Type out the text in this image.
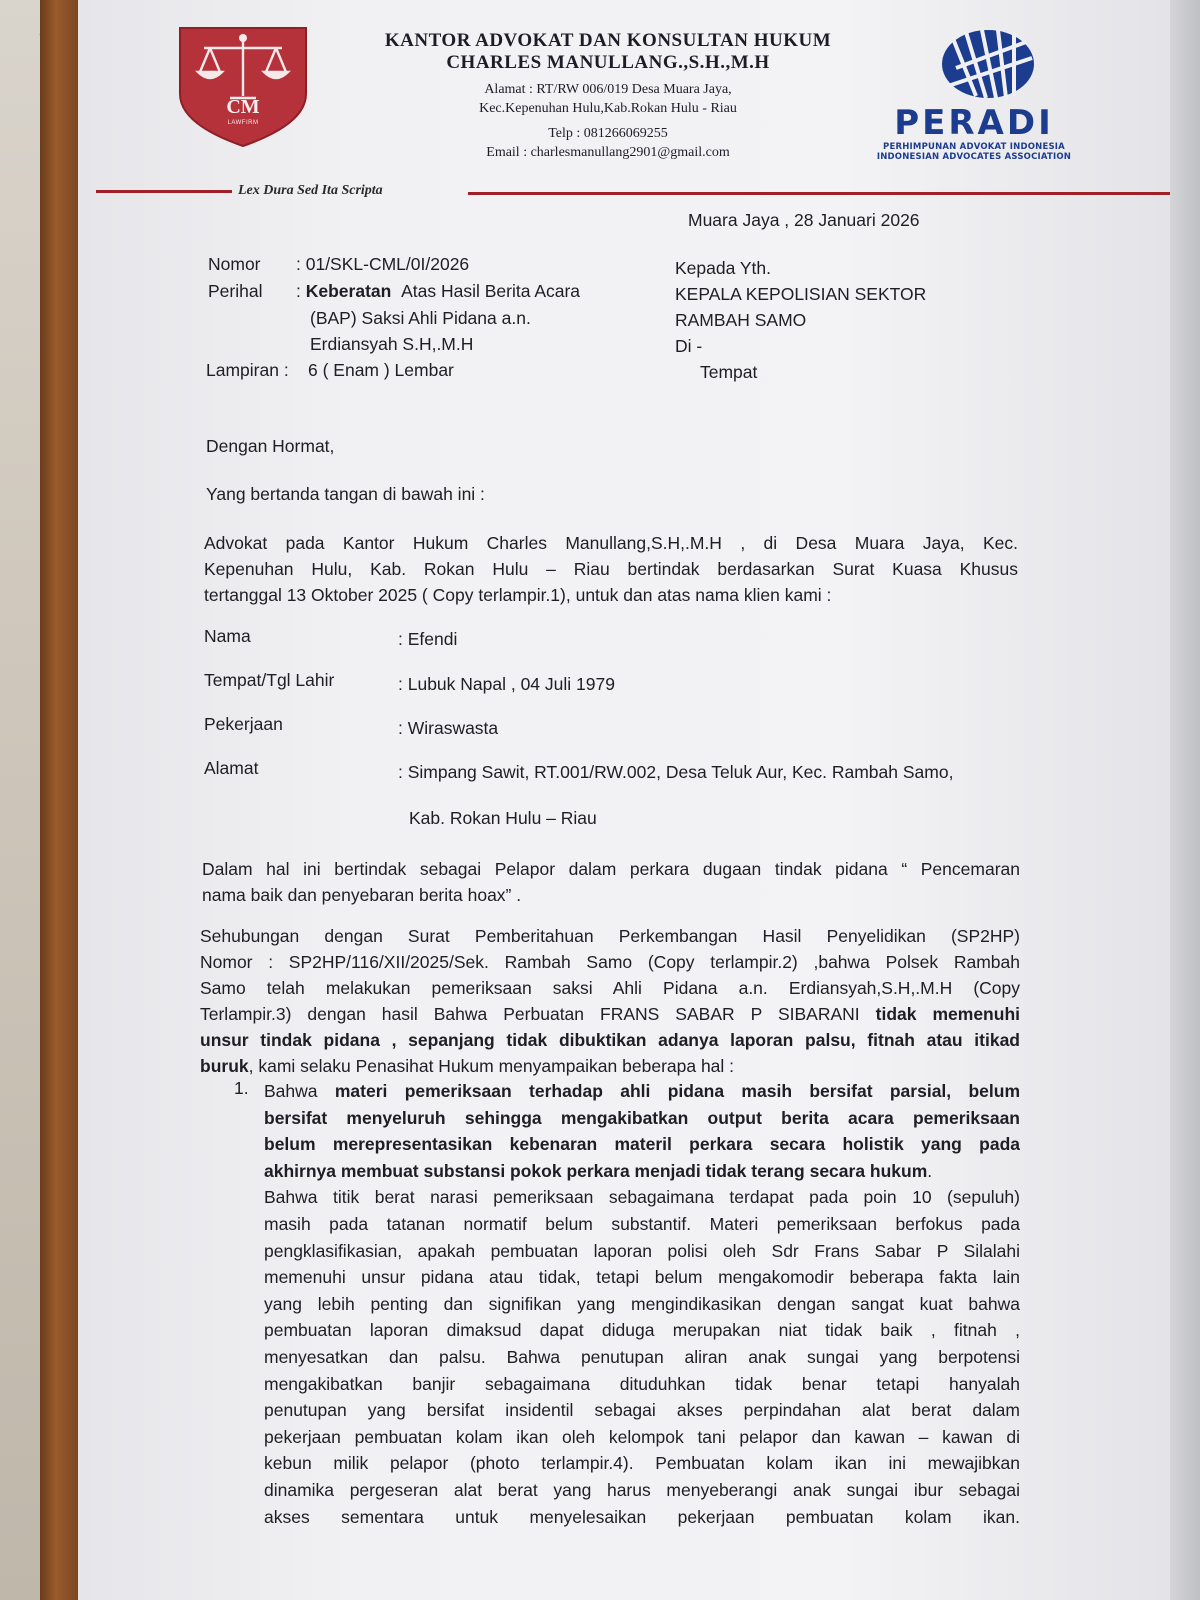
CM
LAWFIRM
KANTOR ADVOKAT DAN KONSULTAN HUKUM
CHARLES MANULLANG.,S.H.,M.H
Alamat : RT/RW 006/019 Desa Muara Jaya,
Kec.Kepenuhan Hulu,Kab.Rokan Hulu - Riau
Telp : 081266069255
Email : charlesmanullang2901@gmail.com
PERADI
PERHIMPUNAN ADVOKAT INDONESIA
INDONESIAN ADVOCATES ASSOCIATION
Lex Dura Sed Ita Scripta
Muara Jaya , 28 Januari 2026
Nomor : 01/SKL-CML/0I/2026
Perihal : Keberatan Atas Hasil Berita Acara
(BAP) Saksi Ahli Pidana a.n.
Erdiansyah S.H,.M.H
Lampiran : 6 ( Enam ) Lembar
Kepada Yth.
KEPALA KEPOLISIAN SEKTOR
RAMBAH SAMO
Di -
Tempat
Dengan Hormat,
Yang bertanda tangan di bawah ini :
Advokat pada Kantor Hukum Charles Manullang,S.H,.M.H , di Desa Muara Jaya, Kec.
Kepenuhan Hulu, Kab. Rokan Hulu – Riau bertindak berdasarkan Surat Kuasa Khusus
tertanggal 13 Oktober 2025 ( Copy terlampir.1), untuk dan atas nama klien kami :
Nama	: Efendi
Tempat/Tgl Lahir	: Lubuk Napal , 04 Juli 1979
Pekerjaan	: Wiraswasta
Alamat	: Simpang Sawit, RT.001/RW.002, Desa Teluk Aur, Kec. Rambah Samo,
Kab. Rokan Hulu – Riau
Dalam hal ini bertindak sebagai Pelapor dalam perkara dugaan tindak pidana “ Pencemaran
nama baik dan penyebaran berita hoax” .
Sehubungan dengan Surat Pemberitahuan Perkembangan Hasil Penyelidikan (SP2HP)
Nomor : SP2HP/116/XII/2025/Sek. Rambah Samo (Copy terlampir.2) ,bahwa Polsek Rambah
Samo telah melakukan pemeriksaan saksi Ahli Pidana a.n. Erdiansyah,S.H,.M.H (Copy
Terlampir.3) dengan hasil Bahwa Perbuatan FRANS SABAR P SIBARANI tidak memenuhi
unsur tindak pidana , sepanjang tidak dibuktikan adanya laporan palsu, fitnah atau itikad
buruk, kami selaku Penasihat Hukum menyampaikan beberapa hal :
1. Bahwa materi pemeriksaan terhadap ahli pidana masih bersifat parsial, belum
bersifat menyeluruh sehingga mengakibatkan output berita acara pemeriksaan
belum merepresentasikan kebenaran materil perkara secara holistik yang pada
akhirnya membuat substansi pokok perkara menjadi tidak terang secara hukum.
Bahwa titik berat narasi pemeriksaan sebagaimana terdapat pada poin 10 (sepuluh)
masih pada tatanan normatif belum substantif. Materi pemeriksaan berfokus pada
pengklasifikasian, apakah pembuatan laporan polisi oleh Sdr Frans Sabar P Silalahi
memenuhi unsur pidana atau tidak, tetapi belum mengakomodir beberapa fakta lain
yang lebih penting dan signifikan yang mengindikasikan dengan sangat kuat bahwa
pembuatan laporan dimaksud dapat diduga merupakan niat tidak baik , fitnah ,
menyesatkan dan palsu. Bahwa penutupan aliran anak sungai yang berpotensi
mengakibatkan banjir sebagaimana dituduhkan tidak benar tetapi hanyalah
penutupan yang bersifat insidentil sebagai akses perpindahan alat berat dalam
pekerjaan pembuatan kolam ikan oleh kelompok tani pelapor dan kawan – kawan di
kebun milik pelapor (photo terlampir.4). Pembuatan kolam ikan ini mewajibkan
dinamika pergeseran alat berat yang harus menyeberangi anak sungai ibur sebagai
akses sementara untuk menyelesaikan pekerjaan pembuatan kolam ikan.
